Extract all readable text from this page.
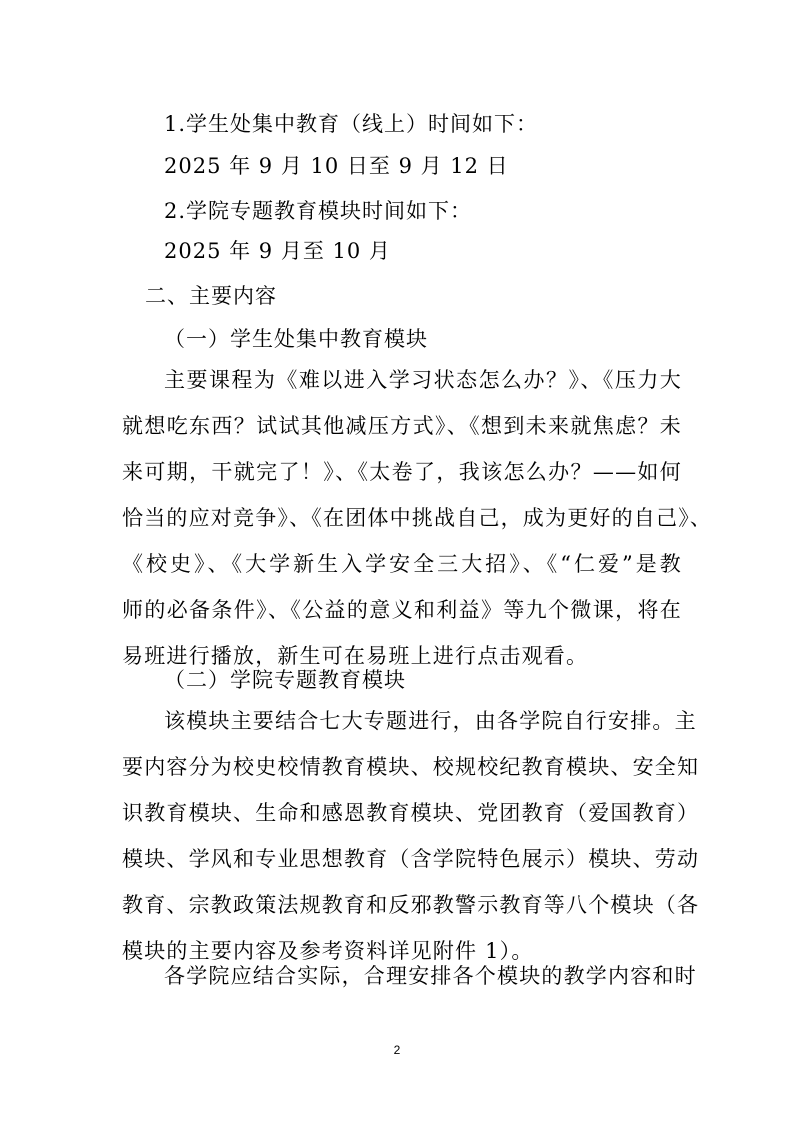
1.学生处集中教育（线上）时间如下：
2025 年 9 月 10 日至 9 月 12 日
2.学院专题教育模块时间如下：
2025 年 9 月至 10 月
二、主要内容
（一）学生处集中教育模块
主要课程为《难以进入学习状态怎么办？》、《压力大
就想吃东西？试试其他减压方式》、《想到未来就焦虑？未
来可期，干就完了！》、《太卷了，我该怎么办？——如何
恰当的应对竞争》、《在团体中挑战自己，成为更好的自己》、
《校史》、《大学新生入学安全三大招》、《“仁爱”是教
师的必备条件》、《公益的意义和利益》等九个微课，将在
易班进行播放，新生可在易班上进行点击观看。
（二）学院专题教育模块
该模块主要结合七大专题进行，由各学院自行安排。主
要内容分为校史校情教育模块、校规校纪教育模块、安全知
识教育模块、生命和感恩教育模块、党团教育（爱国教育）
模块、学风和专业思想教育（含学院特色展示）模块、劳动
教育、宗教政策法规教育和反邪教警示教育等八个模块（各
模块的主要内容及参考资料详见附件 1）。
各学院应结合实际，合理安排各个模块的教学内容和时
2
